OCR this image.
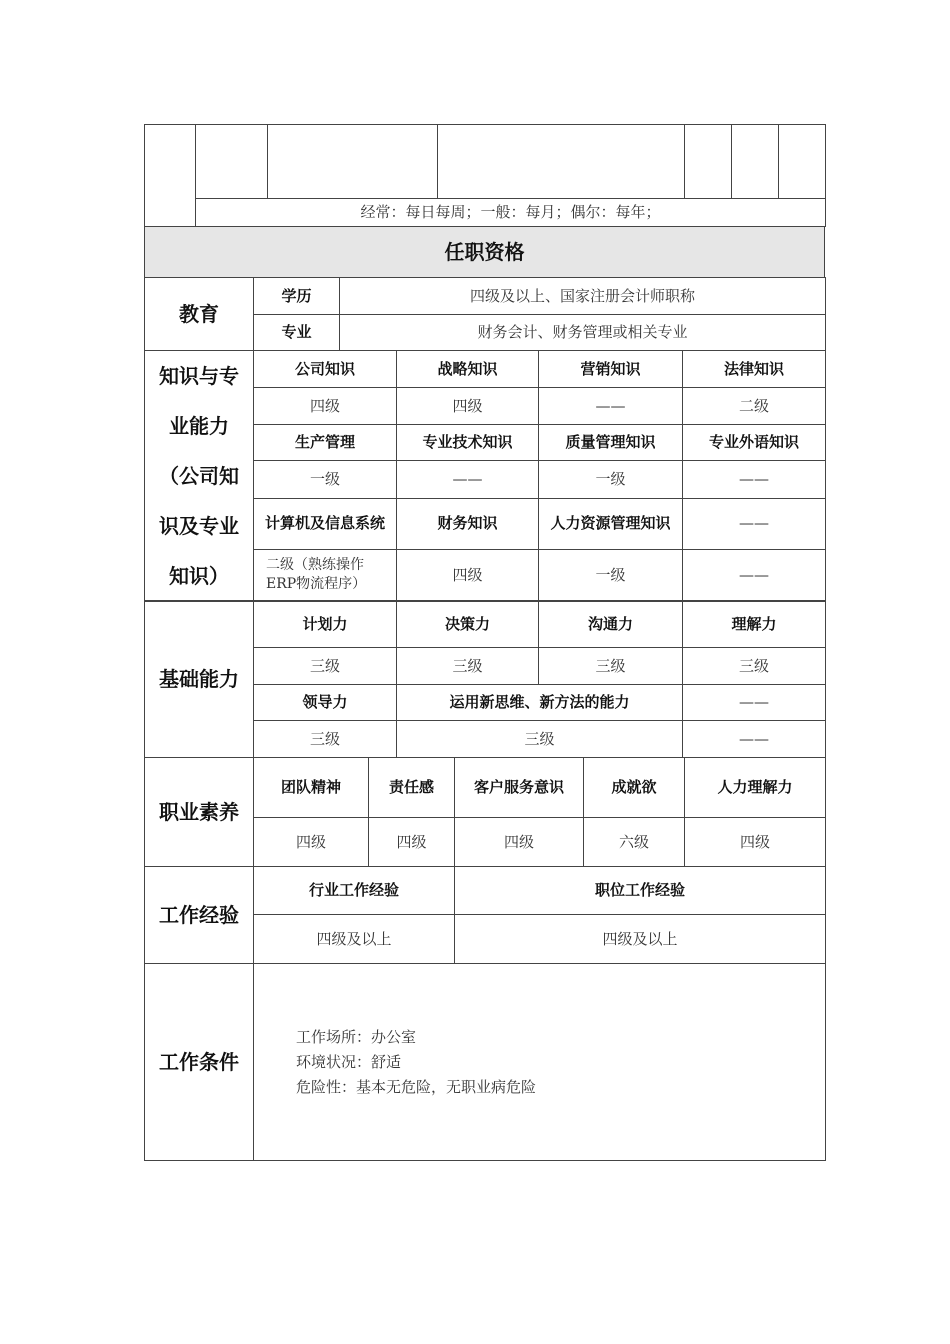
经常：每日每周；一般：每月；偶尔：每年；
任职资格
教育	学历	四级及以上、国家注册会计师职称
	专业	财务会计、财务管理或相关专业
知识与专
业能力
（公司知
识及专业
知识）	公司知识	战略知识	营销知识	法律知识
	四级	四级	——	二级
	生产管理	专业技术知识	质量管理知识	专业外语知识
	一级	——	一级	——
	计算机及信息系统	财务知识	人力资源管理知识	——
	二级（熟练操作ERP物流程序）	四级	一级	——
基础能力	计划力	决策力	沟通力	理解力
	三级	三级	三级	三级
	领导力	运用新思维、新方法的能力		——
	三级	三级		——
职业素养	团队精神	责任感	客户服务意识	成就欲	人力理解力
	四级	四级	四级	六级	四级
工作经验	行业工作经验	职位工作经验
	四级及以上	四级及以上
工作条件	
工作场所：办公室
环境状况：舒适
危险性：基本无危险，无职业病危险
